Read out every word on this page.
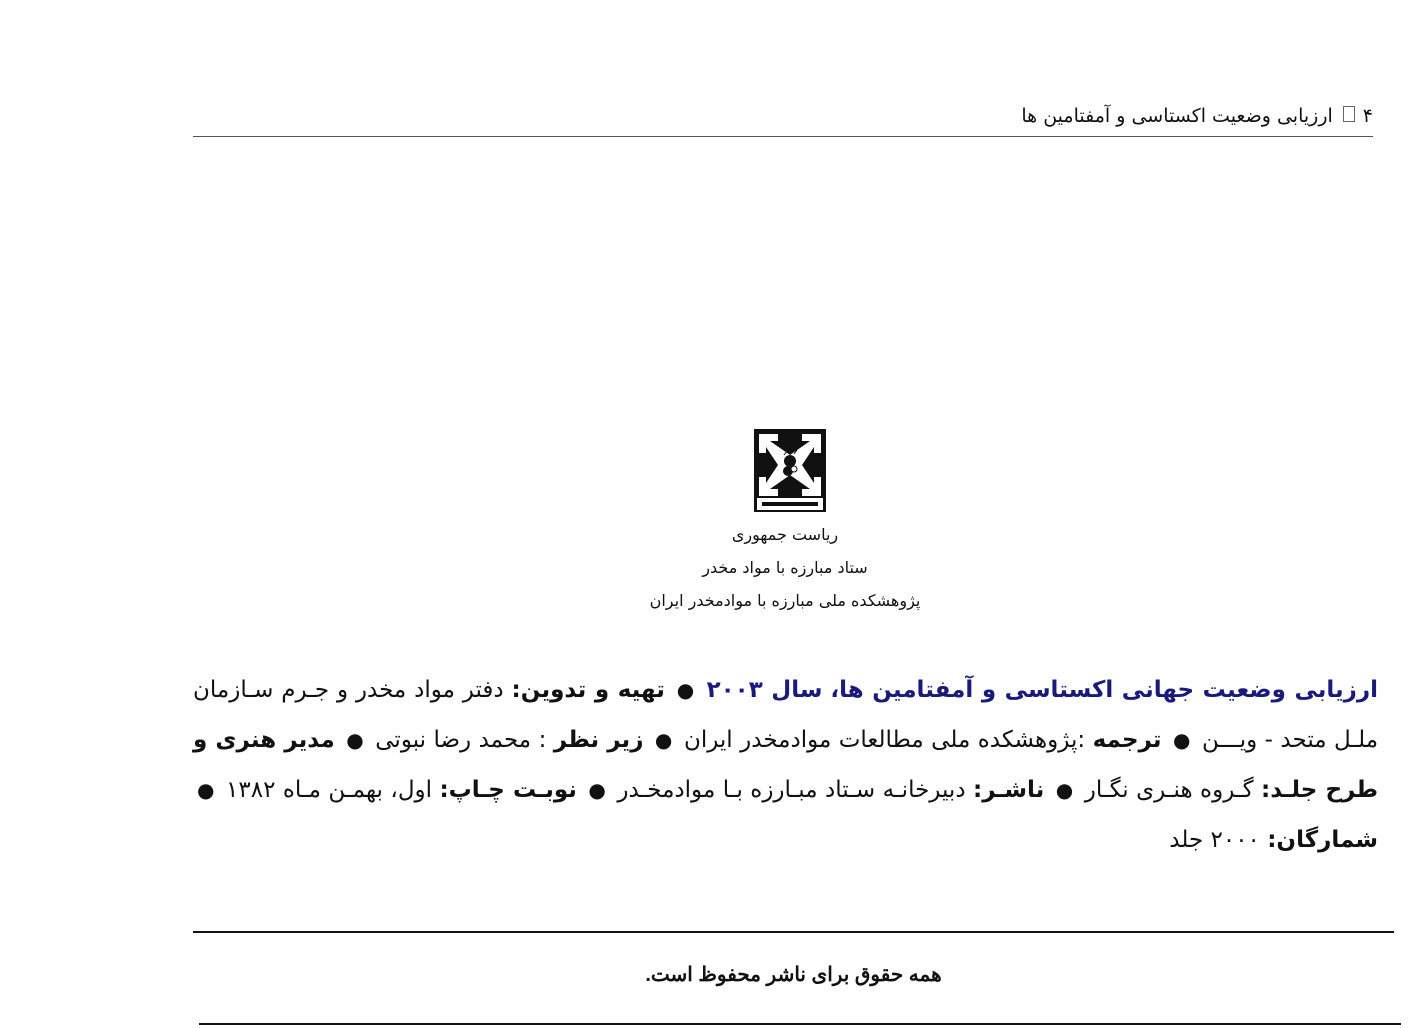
۴
ارزیابی وضعیت اکستاسی و آمفتامین ها
ریاست جمهوری
ستاد مبارزه با مواد مخدر
پژوهشکده ملی مبارزه با موادمخدر ایران
ارزیابی وضعیت جهانی اکستاسی و آمفتامین ها، سال ۲۰۰۳ ● تهیه و تدوین: دفتر مواد مخدر و جـرم سـازمان ملـل متحد - ویـــن ● ترجمه :پژوهشکده ملی مطالعات موادمخدر ایران ● زیر نظر : محمد رضا نبوتی ● مدیر هنری و طرح جلـد: گـروه هنـری نگـار ● ناشـر: دبیرخانـه سـتاد مبـارزه بـا موادمخـدر ● نوبـت چـاپ: اول، بهمـن مـاه ۱۳۸۲ ● شمارگان: ۲۰۰۰ جلد
همه حقوق برای ناشر محفوظ است.
